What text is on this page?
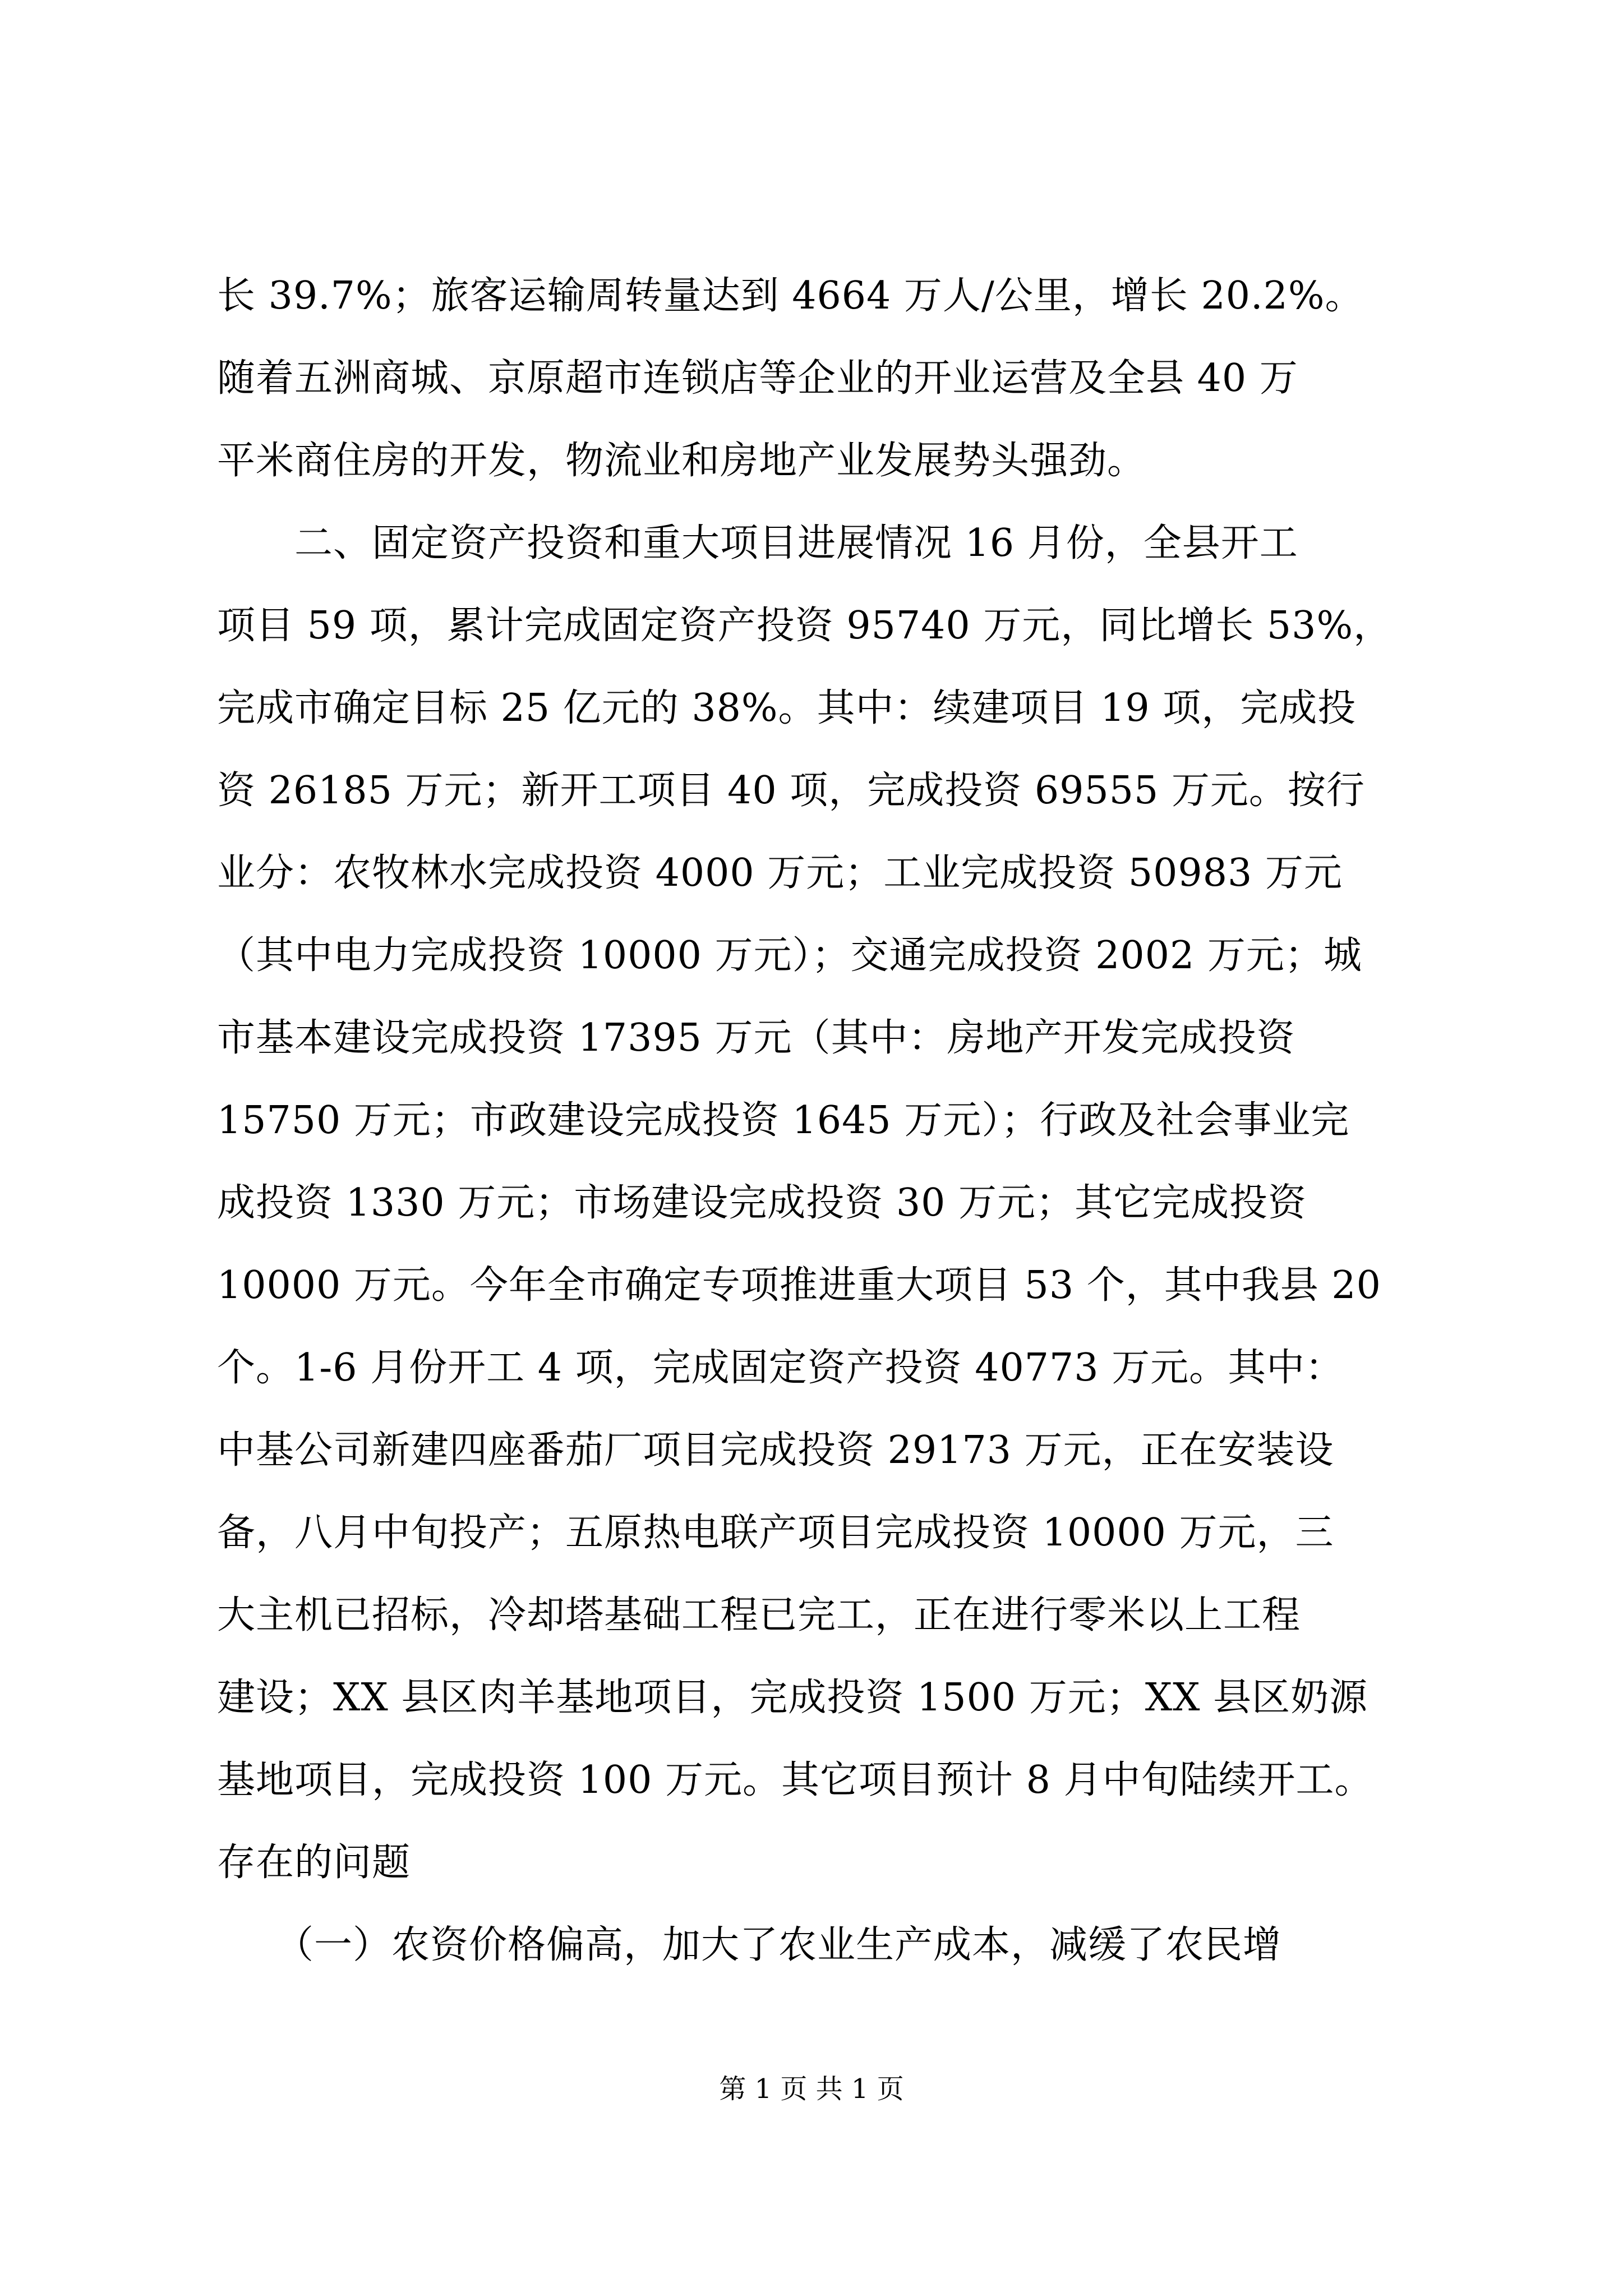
长 39.7%；旅客运输周转量达到 4664 万人/公里，增长 20.2%。
随着五洲商城、京原超市连锁店等企业的开业运营及全县 40 万
平米商住房的开发，物流业和房地产业发展势头强劲。
　　二、固定资产投资和重大项目进展情况 16 月份，全县开工
项目 59 项，累计完成固定资产投资 95740 万元，同比增长 53%，
完成市确定目标 25 亿元的 38%。其中：续建项目 19 项，完成投
资 26185 万元；新开工项目 40 项，完成投资 69555 万元。按行
业分：农牧林水完成投资 4000 万元；工业完成投资 50983 万元
（其中电力完成投资 10000 万元）；交通完成投资 2002 万元；城
市基本建设完成投资 17395 万元（其中：房地产开发完成投资
15750 万元；市政建设完成投资 1645 万元）；行政及社会事业完
成投资 1330 万元；市场建设完成投资 30 万元；其它完成投资
10000 万元。今年全市确定专项推进重大项目 53 个，其中我县 20
个。1-6 月份开工 4 项，完成固定资产投资 40773 万元。其中：
中基公司新建四座番茄厂项目完成投资 29173 万元，正在安装设
备，八月中旬投产；五原热电联产项目完成投资 10000 万元，三
大主机已招标，冷却塔基础工程已完工，正在进行零米以上工程
建设；XX 县区肉羊基地项目，完成投资 1500 万元；XX 县区奶源
基地项目，完成投资 100 万元。其它项目预计 8 月中旬陆续开工。
存在的问题
　　（一）农资价格偏高，加大了农业生产成本，减缓了农民增
第 1 页 共 1 页
